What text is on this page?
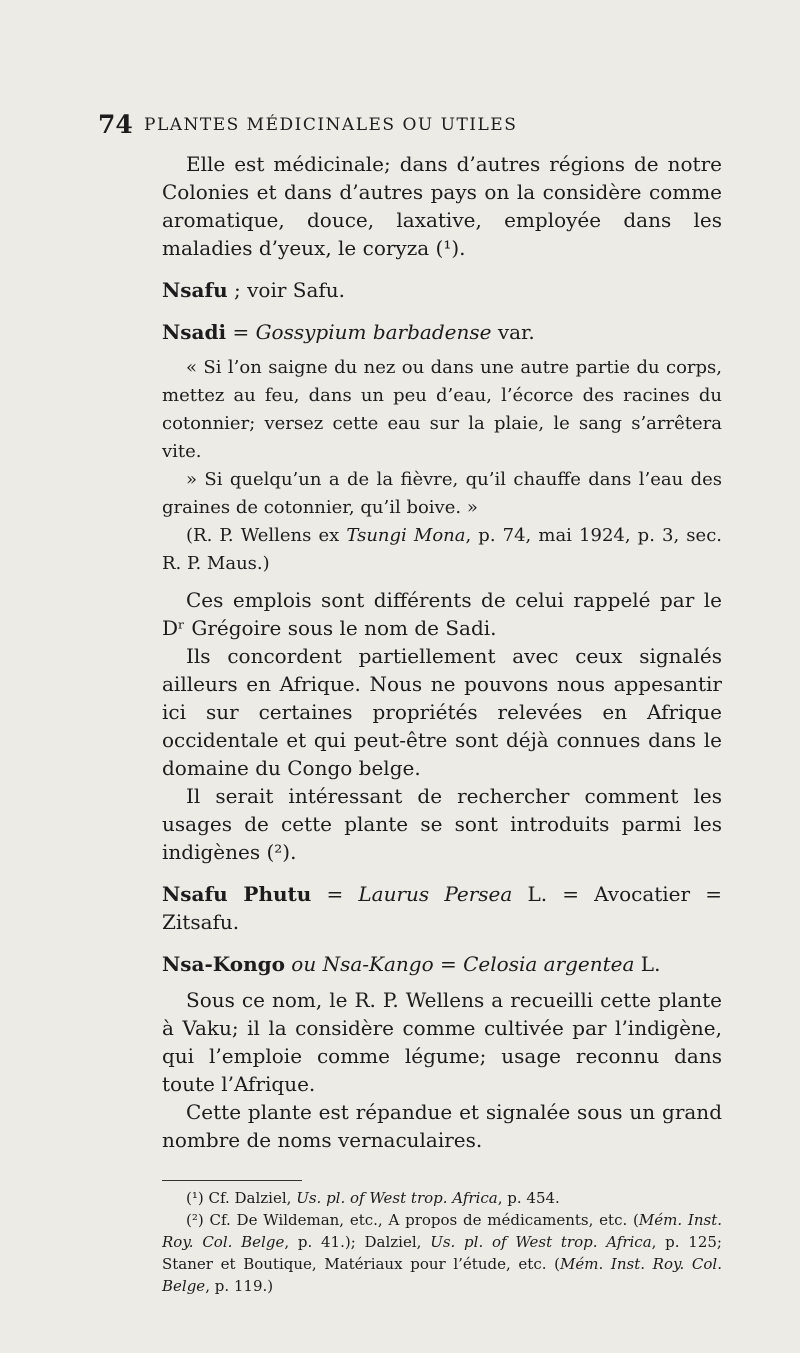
74 PLANTES MÉDICINALES OU UTILES

Elle est médicinale; dans d’autres régions de notre Colonies et dans d’autres pays on la considère comme aromatique, douce, laxative, employée dans les maladies d’yeux, le coryza (¹).

Nsafu ; voir Safu.

Nsadi = Gossypium barbadense var.

« Si l’on saigne du nez ou dans une autre partie du corps, mettez au feu, dans un peu d’eau, l’écorce des racines du cotonnier; versez cette eau sur la plaie, le sang s’arrêtera vite.

» Si quelqu’un a de la fièvre, qu’il chauffe dans l’eau des graines de cotonnier, qu’il boive. »

(R. P. Wellens ex Tsungi Mona, p. 74, mai 1924, p. 3, sec. R. P. Maus.)

Ces emplois sont différents de celui rappelé par le Dʳ Grégoire sous le nom de Sadi.

Ils concordent partiellement avec ceux signalés ailleurs en Afrique. Nous ne pouvons nous appesantir ici sur certaines propriétés relevées en Afrique occidentale et qui peut-être sont déjà connues dans le domaine du Congo belge.

Il serait intéressant de rechercher comment les usages de cette plante se sont introduits parmi les indigènes (²).

Nsafu Phutu = Laurus Persea L. = Avocatier = Zitsafu.

Nsa-Kongo ou Nsa-Kango = Celosia argentea L.

Sous ce nom, le R. P. Wellens a recueilli cette plante à Vaku; il la considère comme cultivée par l’indigène, qui l’emploie comme légume; usage reconnu dans toute l’Afrique.

Cette plante est répandue et signalée sous un grand nombre de noms vernaculaires.

(¹) Cf. Dalziel, Us. pl. of West trop. Africa, p. 454.

(²) Cf. De Wildeman, etc., A propos de médicaments, etc. (Mém. Inst. Roy. Col. Belge, p. 41.); Dalziel, Us. pl. of West trop. Africa, p. 125; Staner et Boutique, Matériaux pour l’étude, etc. (Mém. Inst. Roy. Col. Belge, p. 119.)
